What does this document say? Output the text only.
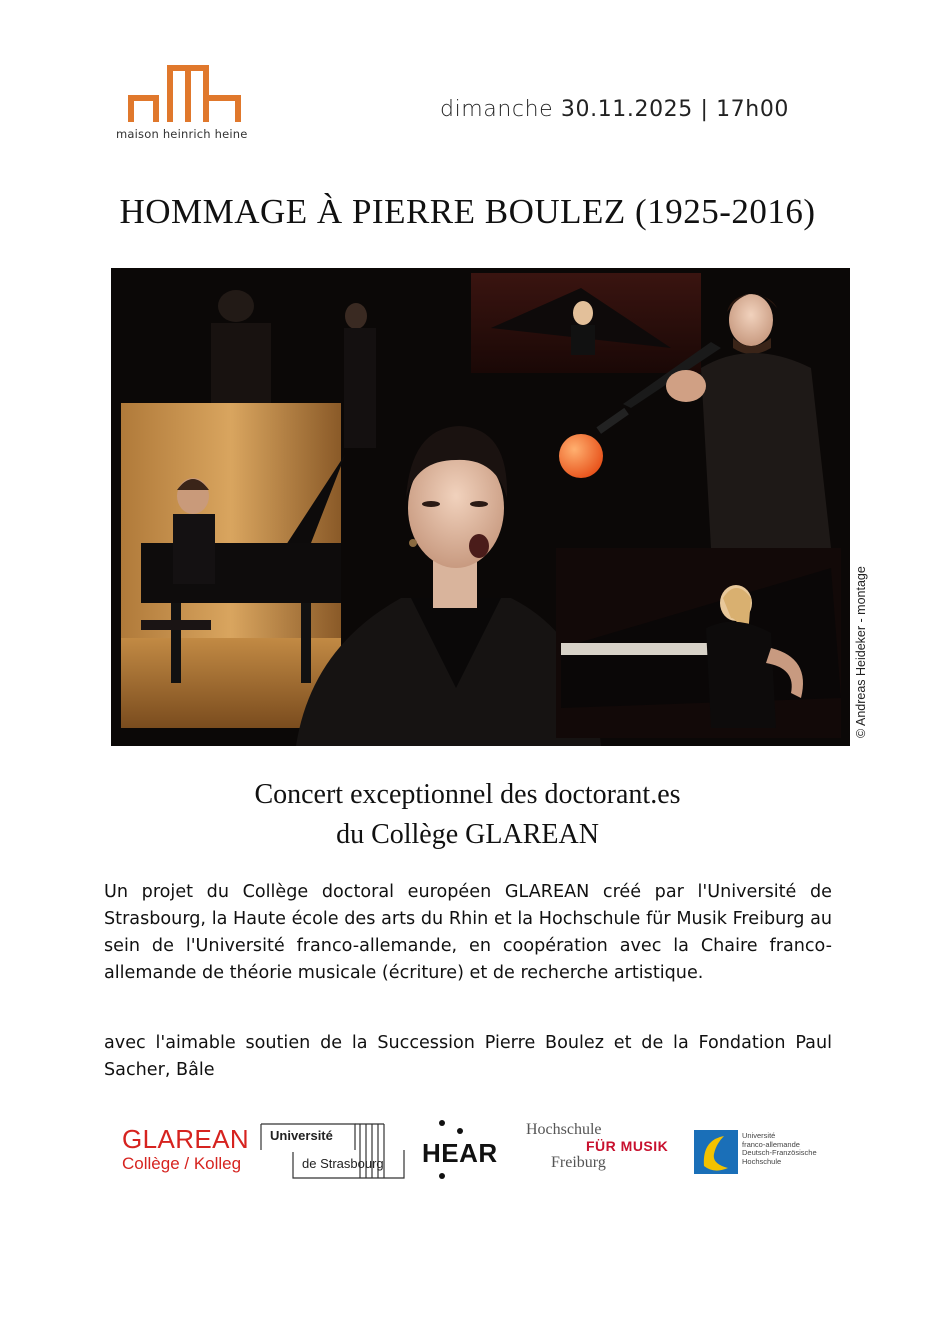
maison heinrich heine
dimanche 30.11.2025 | 17h00
HOMMAGE À PIERRE BOULEZ (1925-2016)
© Andreas Heideker - montage
Concert exceptionnel des doctorant.es
du Collège GLAREAN
Un projet du Collège doctoral européen GLAREAN créé par l'Université de Strasbourg, la Haute école des arts du Rhin et la Hochschule für Musik Freiburg au sein de l'Université franco-allemande, en coopération avec la Chaire franco-allemande de théorie musicale (écriture) et de recherche artistique.
avec l'aimable soutien de la Succession Pierre Boulez et de la Fondation Paul Sacher, Bâle
GLAREAN
Collège / Kolleg
Université
de Strasbourg HEAR
Hochschule
FÜR MUSIK
Freiburg
Université
franco-allemande
Deutsch-Französische
Hochschule
